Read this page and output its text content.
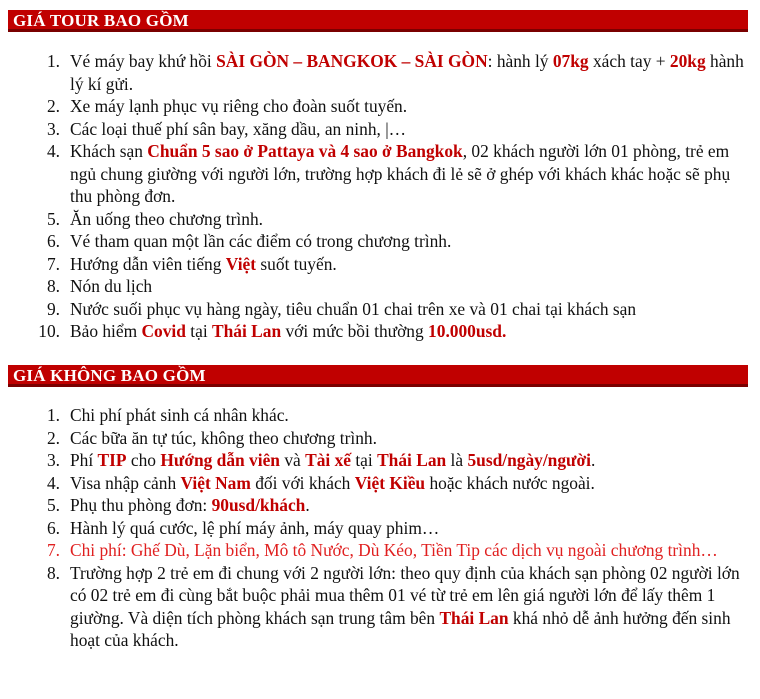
GIÁ TOUR BAO GỒM
1. Vé máy bay khứ hồi SÀI GÒN – BANGKOK – SÀI GÒN: hành lý 07kg xách tay + 20kg hành lý kí gửi.
2. Xe máy lạnh phục vụ riêng cho đoàn suốt tuyến.
3. Các loại thuế phí sân bay, xăng dầu, an ninh, |…
4. Khách sạn Chuẩn 5 sao ở Pattaya và 4 sao ở Bangkok, 02 khách người lớn 01 phòng, trẻ em ngủ chung giường với người lớn, trường hợp khách đi lẻ sẽ ở ghép với khách khác hoặc sẽ phụ thu phòng đơn.
5. Ăn uống theo chương trình.
6. Vé tham quan một lần các điểm có trong chương trình.
7. Hướng dẫn viên tiếng Việt suốt tuyến.
8. Nón du lịch
9. Nước suối phục vụ hàng ngày, tiêu chuẩn 01 chai trên xe và 01 chai tại khách sạn
10. Bảo hiểm Covid tại Thái Lan với mức bồi thường 10.000usd.
GIÁ KHÔNG BAO GỒM
1. Chi phí phát sinh cá nhân khác.
2. Các bữa ăn tự túc, không theo chương trình.
3. Phí TIP cho Hướng dẫn viên và Tài xế tại Thái Lan là 5usd/ngày/người.
4. Visa nhập cảnh Việt Nam đối với khách Việt Kiều hoặc khách nước ngoài.
5. Phụ thu phòng đơn: 90usd/khách.
6. Hành lý quá cước, lệ phí máy ảnh, máy quay phim…
7. Chi phí: Ghế Dù, Lặn biển, Mô tô Nước, Dù Kéo, Tiền Tip các dịch vụ ngoài chương trình…
8. Trường hợp 2 trẻ em đi chung với 2 người lớn: theo quy định của khách sạn phòng 02 người lớn có 02 trẻ em đi cùng bắt buộc phải mua thêm 01 vé từ trẻ em lên giá người lớn để lấy thêm 1 giường. Và diện tích phòng khách sạn trung tâm bên Thái Lan khá nhỏ dễ ảnh hưởng đến sinh hoạt của khách.
